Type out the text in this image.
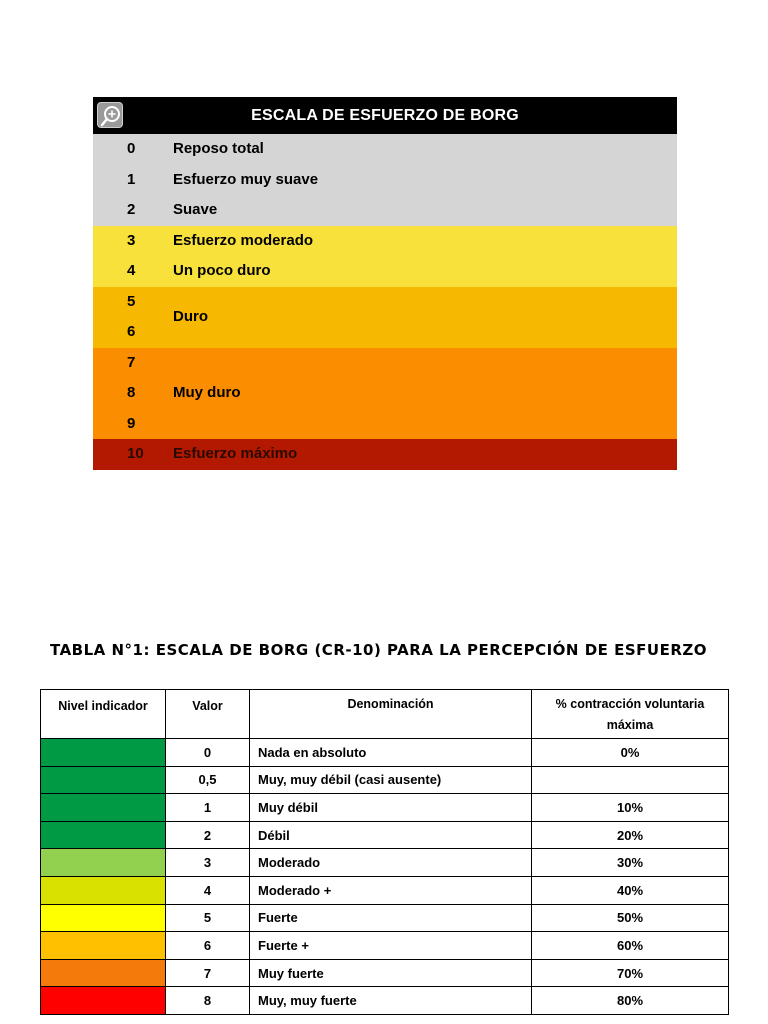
ESCALA DE ESFUERZO DE BORG
0	Reposo total
1	Esfuerzo muy suave
2	Suave
3	Esfuerzo moderado
4	Un poco duro
5
6
Duro
7
8
9
Muy duro
10	Esfuerzo máximo
TABLA N°1: ESCALA DE BORG (CR-10) PARA LA PERCEPCIÓN DE ESFUERZO
Nivel indicador	Valor	Denominación	% contracción voluntaria máxima
	0	Nada en absoluto	0%
	0,5	Muy, muy débil (casi ausente)	
	1	Muy débil	10%
	2	Débil	20%
	3	Moderado	30%
	4	Moderado +	40%
	5	Fuerte	50%
	6	Fuerte +	60%
	7	Muy fuerte	70%
	8	Muy, muy fuerte	80%
